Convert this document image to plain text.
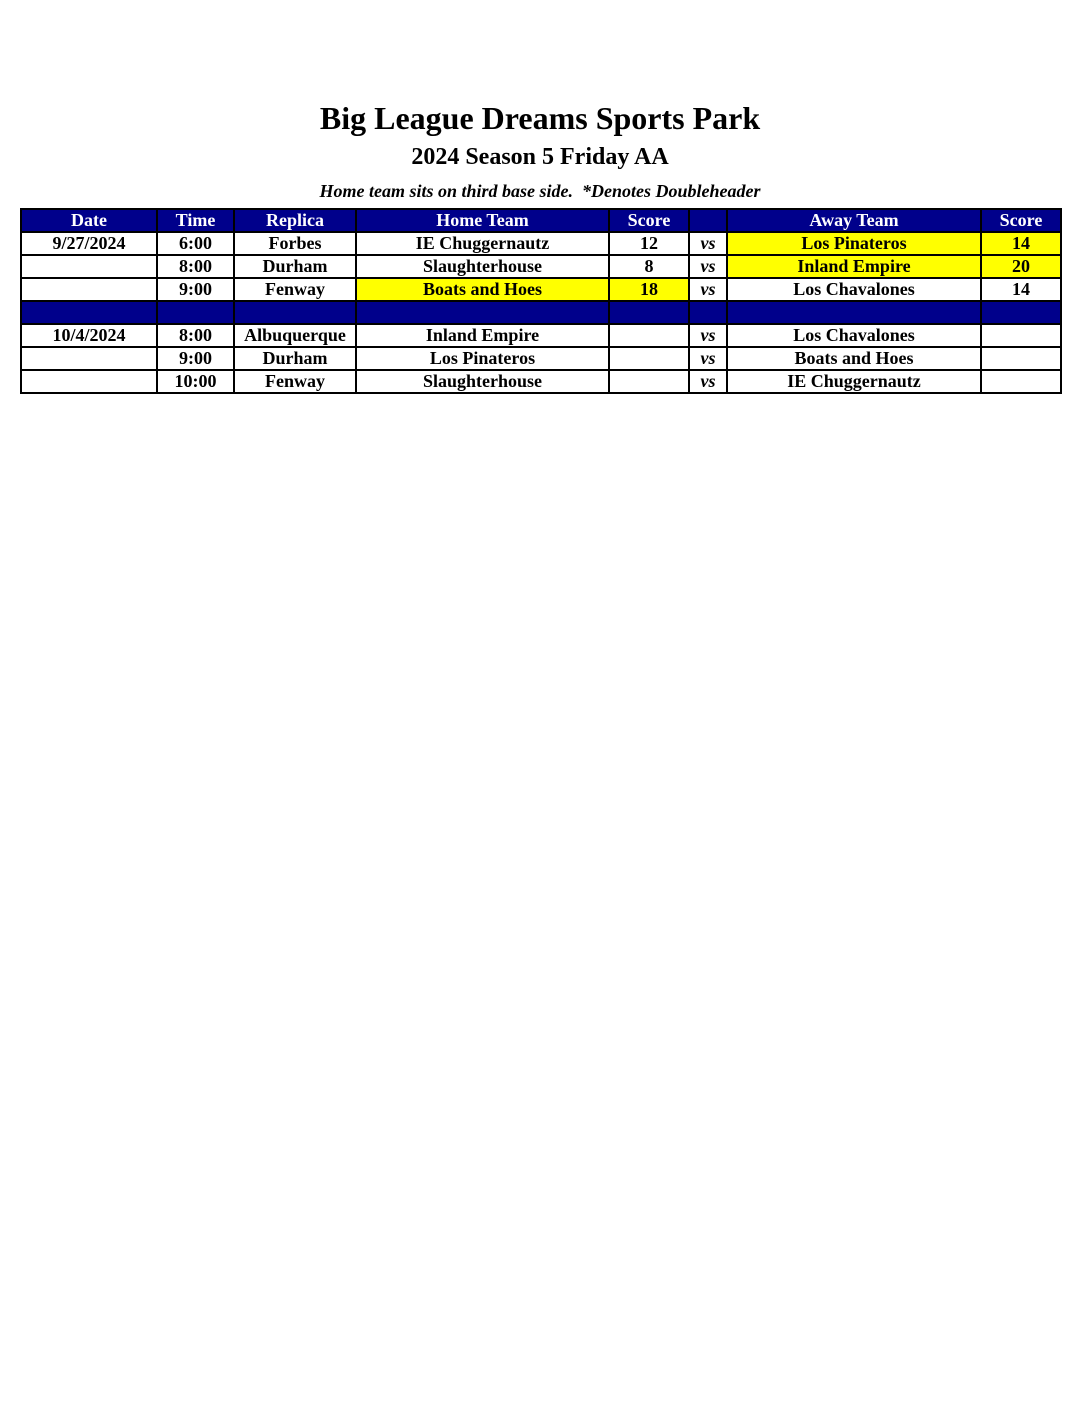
Big League Dreams Sports Park
2024 Season 5 Friday AA
Home team sits on third base side.  *Denotes Doubleheader
Date	Time	Replica	Home Team	Score		Away Team	Score
9/27/2024	6:00	Forbes	IE Chuggernautz	12	vs	Los Pinateros	14
	8:00	Durham	Slaughterhouse	8	vs	Inland Empire	20
	9:00	Fenway	Boats and Hoes	18	vs	Los Chavalones	14

10/4/2024	8:00	Albuquerque	Inland Empire		vs	Los Chavalones	
	9:00	Durham	Los Pinateros		vs	Boats and Hoes	
	10:00	Fenway	Slaughterhouse		vs	IE Chuggernautz	
